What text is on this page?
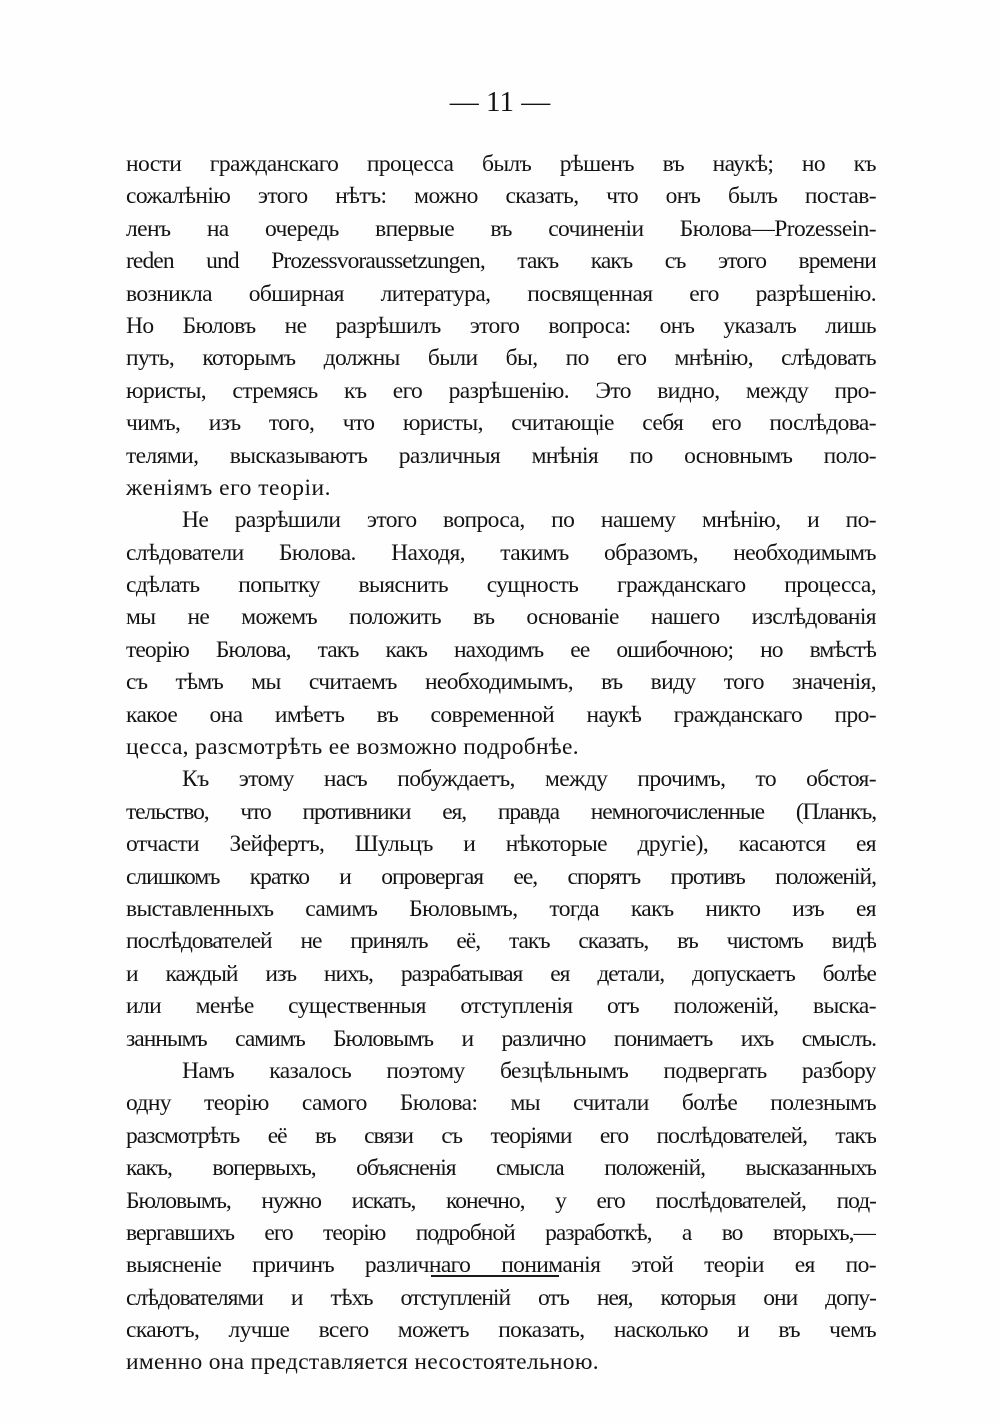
— 11 —
ности гражданскаго процесса былъ рѣшенъ въ наукѣ; но къ
сожалѣнію этого нѣтъ: можно сказать, что онъ былъ постав-
ленъ на очередь впервые въ сочиненіи Бюлова—Prozessein-
reden und Prozessvoraussetzungen, такъ какъ съ этого времени
возникла обширная литература, посвященная его разрѣшенію.
Но Бюловъ не разрѣшилъ этого вопроса: онъ указалъ лишь
путь, которымъ должны были бы, по его мнѣнію, слѣдовать
юристы, стремясь къ его разрѣшенію. Это видно, между про-
чимъ, изъ того, что юристы, считающіе себя его послѣдова-
телями, высказываютъ различныя мнѣнія по основнымъ поло-
женіямъ его теоріи.
Не разрѣшили этого вопроса, по нашему мнѣнію, и по-
слѣдователи Бюлова. Находя, такимъ образомъ, необходимымъ
сдѣлать попытку выяснить сущность гражданскаго процесса,
мы не можемъ положить въ основаніе нашего изслѣдованія
теорію Бюлова, такъ какъ находимъ ее ошибочною; но вмѣстѣ
съ тѣмъ мы считаемъ необходимымъ, въ виду того значенія,
какое она имѣетъ въ современной наукѣ гражданскаго про-
цесса, разсмотрѣть ее возможно подробнѣе.
Къ этому насъ побуждаетъ, между прочимъ, то обстоя-
тельство, что противники ея, правда немногочисленные (Планкъ,
отчасти Зейфертъ, Шульцъ и нѣкоторые другіе), касаются ея
слишкомъ кратко и опровергая ее, спорятъ противъ положеній,
выставленныхъ самимъ Бюловымъ, тогда какъ никто изъ ея
послѣдователей не принялъ её, такъ сказать, въ чистомъ видѣ
и каждый изъ нихъ, разрабатывая ея детали, допускаетъ болѣе
или менѣе существенныя отступленія отъ положеній, выска-
заннымъ самимъ Бюловымъ и различно понимаетъ ихъ смыслъ.
Намъ казалось поэтому безцѣльнымъ подвергать разбору
одну теорію самого Бюлова: мы считали болѣе полезнымъ
разсмотрѣть её въ связи съ теоріями его послѣдователей, такъ
какъ, вопервыхъ, объясненія смысла положеній, высказанныхъ
Бюловымъ, нужно искать, конечно, у его послѣдователей, под-
вергавшихъ его теорію подробной разработкѣ, а во вторыхъ,—
выясненіе причинъ различнаго пониманія этой теоріи ея по-
слѣдователями и тѣхъ отступленій отъ нея, которыя они допу-
скаютъ, лучше всего можетъ показать, насколько и въ чемъ
именно она представляется несостоятельною.
